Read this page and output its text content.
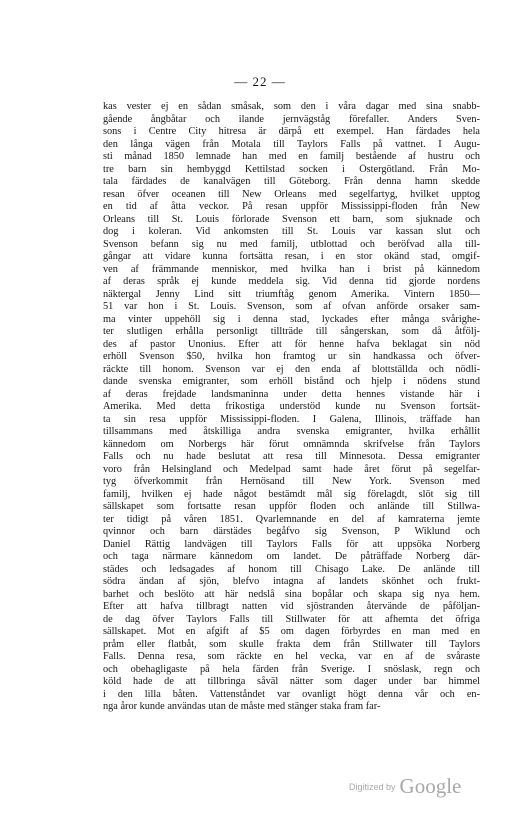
— 22 —
kas vester ej en sådan småsak, som den i våra dagar med sina snabb-
gående ångbåtar och ilande jernvägståg förefaller. Anders Sven-
sons i Centre City hitresa är därpå ett exempel. Han färdades hela
den långa vägen från Motala till Taylors Falls på vattnet. I Augu-
sti månad 1850 lemnade han med en familj bestående af hustru och
tre barn sin hembyggd Kettilstad socken i Östergötland. Från Mo-
tala färdades de kanalvägen till Göteborg. Från denna hamn skedde
resan öfver oceanen till New Orleans med segelfartyg, hvilket upptog
en tid af åtta veckor. På resan uppför Mississippi-floden från New
Orleans till St. Louis förlorade Svenson ett barn, som sjuknade och
dog i koleran. Vid ankomsten till St. Louis var kassan slut och
Svenson befann sig nu med familj, utblottad och beröfvad alla till-
gångar att vidare kunna fortsätta resan, i en stor okänd stad, omgif-
ven af främmande menniskor, med hvilka han i brist på kännedom
af deras språk ej kunde meddela sig. Vid denna tid gjorde nordens
näktergal Jenny Lind sitt triumftåg genom Amerika. Vintern 1850—
51 var hon i St. Louis. Svenson, som af ofvan anförde orsaker sam-
ma vinter uppehöll sig i denna stad, lyckades efter många svårighe-
ter slutligen erhålla personligt tillträde till sångerskan, som då åtfölj-
des af pastor Unonius. Efter att för henne hafva beklagat sin nöd
erhöll Svenson $50, hvilka hon framtog ur sin handkassa och öfver-
räckte till honom. Svenson var ej den enda af blottställda och nödli-
dande svenska emigranter, som erhöll bistånd och hjelp i nödens stund
af deras frejdade landsmaninna under detta hennes vistande här i
Amerika. Med detta frikostiga understöd kunde nu Svenson fortsät-
ta sin resa uppför Mississippi-floden. I Galena, Illinois, träffade han
tillsammans med åtskilliga andra svenska emigranter, hvilka erhållit
kännedom om Norbergs här förut omnämnda skrifvelse från Taylors
Falls och nu hade beslutat att resa till Minnesota. Dessa emigranter
voro från Helsingland och Medelpad samt hade året förut på segelfar-
tyg öfverkommit från Hernösand till New York. Svenson med
familj, hvilken ej hade något bestämdt mål sig förelagdt, slöt sig till
sällskapet som fortsatte resan uppför floden och anlände till Stillwa-
ter tidigt på våren 1851. Qvarlemnande en del af kamraterna jemte
qvinnor och barn därstädes begåfvo sig Svenson, P Wiklund och
Daniel Rättig landvägen till Taylors Falls för att uppsöka Norberg
och taga närmare kännedom om landet. De påträffade Norberg där-
städes och ledsagades af honom till Chisago Lake. De anlände till
södra ändan af sjön, blefvo intagna af landets skönhet och frukt-
barhet och beslöto att här nedslå sina bopålar och skapa sig nya hem.
Efter att hafva tillbragt natten vid sjöstranden återvände de påföljan-
de dag öfver Taylors Falls till Stillwater för att afhemta det öfriga
sällskapet. Mot en afgift af $5 om dagen förbyrdes en man med en
pråm eller flatbåt, som skulle frakta dem från Stillwater till Taylors
Falls. Denna resa, som räckte en hel vecka, var en af de svåraste
och obehagligaste på hela färden från Sverige. I snöslask, regn och
köld hade de att tillbringa såväl nätter som dager under bar himmel
i den lilla båten. Vattenståndet var ovanligt högt denna vår och en-
nga åror kunde användas utan de måste med stänger staka fram far-
Digitized by Google
